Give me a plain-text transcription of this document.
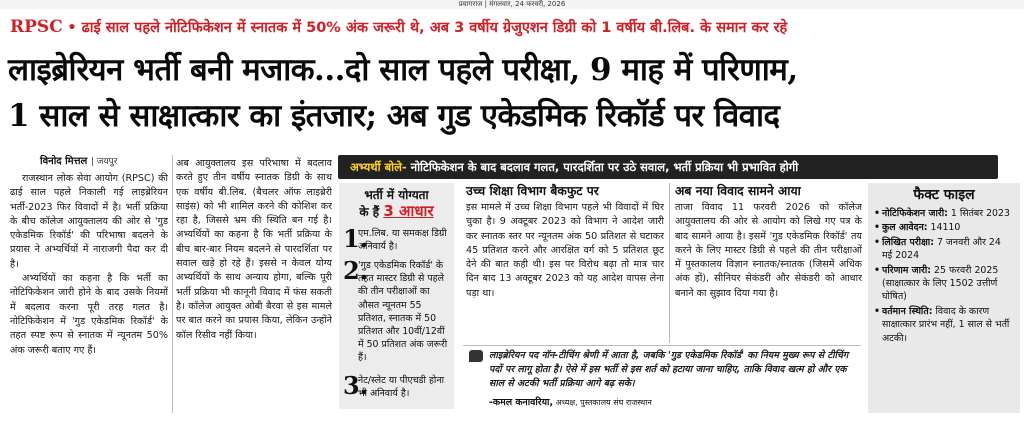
प्रयागराज | मंगलवार, 24 फरवरी, 2026
RPSC • ढाई साल पहले नोटिफिकेशन में स्नातक में 50% अंक जरूरी थे, अब 3 वर्षीय ग्रेजुएशन डिग्री को 1 वर्षीय बी.लिब. के समान कर रहे
लाइब्रेरियन भर्ती बनी मजाक...दो साल पहले परीक्षा, 9 माह में परिणाम,
1 साल से साक्षात्कार का इंतजार; अब गुड एकेडमिक रिकॉर्ड पर विवाद
विनोद मित्तल | जयपुर
राजस्थान लोक सेवा आयोग (RPSC) की ढाई साल पहले निकाली गई लाइब्रेरियन भर्ती-2023 फिर विवादों में है। भर्ती प्रक्रिया के बीच कॉलेज आयुक्तालय की ओर से 'गुड एकेडमिक रिकॉर्ड' की परिभाषा बदलने के प्रयास ने अभ्यर्थियों में नाराजगी पैदा कर दी है।
अभ्यर्थियों का कहना है कि भर्ती का नोटिफिकेशन जारी होने के बाद उसके नियमों में बदलाव करना पूरी तरह गलत है। नोटिफिकेशन में 'गुड एकेडमिक रिकॉर्ड' के तहत स्पष्ट रूप से स्नातक में न्यूनतम 50% अंक जरूरी बताए गए हैं।
अब आयुक्तालय इस परिभाषा में बदलाव करते हुए तीन वर्षीय स्नातक डिग्री के साथ एक वर्षीय बी.लिब. (बैचलर ऑफ लाइब्रेरी साइंस) को भी शामिल करने की कोशिश कर रहा है, जिससे भ्रम की स्थिति बन गई है। अभ्यर्थियों का कहना है कि भर्ती प्रक्रिया के बीच बार-बार नियम बदलने से पारदर्शिता पर सवाल खड़े हो रहे हैं। इससे न केवल योग्य अभ्यर्थियों के साथ अन्याय होगा, बल्कि पूरी भर्ती प्रक्रिया भी कानूनी विवाद में फंस सकती है। कॉलेज आयुक्त ओबी बैरवा से इस मामले पर बात करने का प्रयास किया, लेकिन उन्होंने कॉल रिसीव नहीं किया।
अभ्यर्थी बोले- नोटिफिकेशन के बाद बदलाव गलत, पारदर्शिता पर उठे सवाल, भर्ती प्रक्रिया भी प्रभावित होगी
भर्ती में योग्यता
के हैं 3 आधार
1.
एम.लिब. या समकक्ष डिग्री अनिवार्य है।
2.
'गुड एकेडमिक रिकॉर्ड' के तहत मास्टर डिग्री से पहले की तीन परीक्षाओं का औसत न्यूनतम 55 प्रतिशत, स्नातक में 50 प्रतिशत और 10वीं/12वीं में 50 प्रतिशत अंक जरूरी हैं।
3.
नेट/स्लेट या पीएचडी होना भी अनिवार्य है।
उच्च शिक्षा विभाग बैकफुट पर
इस मामले में उच्च शिक्षा विभाग पहले भी विवादों में घिर चुका है। 9 अक्टूबर 2023 को विभाग ने आदेश जारी कर स्नातक स्तर पर न्यूनतम अंक 50 प्रतिशत से घटाकर 45 प्रतिशत करने और आरक्षित वर्ग को 5 प्रतिशत छूट देने की बात कही थी। इस पर विरोध बढ़ा तो मात्र चार दिन बाद 13 अक्टूबर 2023 को यह आदेश वापस लेना पड़ा था।
अब नया विवाद सामने आया
ताजा विवाद 11 फरवरी 2026 को कॉलेज आयुक्तालय की ओर से आयोग को लिखे गए पत्र के बाद सामने आया है। इसमें 'गुड एकेडमिक रिकॉर्ड' तय करने के लिए मास्टर डिग्री से पहले की तीन परीक्षाओं में पुस्तकालय विज्ञान स्नातक/स्नातक (जिसमें अधिक अंक हों), सीनियर सेकंडरी और सेकंडरी को आधार बनाने का सुझाव दिया गया है।
लाइब्रेरियन पद नॉन-टीचिंग श्रेणी में आता है, जबकि 'गुड एकेडमिक रिकॉर्ड' का नियम मुख्य रूप से टीचिंग पदों पर लागू होता है। ऐसे में इस भर्ती से इस शर्त को हटाया जाना चाहिए, ताकि विवाद खत्म हो और एक साल से अटकी भर्ती प्रक्रिया आगे बढ़ सके।
-कमल कनावरिया, अध्यक्ष, पुस्तकालय संघ राजस्थान
फैक्ट फाइल
• नोटिफिकेशन जारी: 1 सितंबर 2023
• कुल आवेदन: 14110
• लिखित परीक्षा: 7 जनवरी और 24 मई 2024
• परिणाम जारी: 25 फरवरी 2025 (साक्षात्कार के लिए 1502 उत्तीर्ण घोषित)
• वर्तमान स्थिति: विवाद के कारण साक्षात्कार प्रारंभ नहीं, 1 साल से भर्ती अटकी।
